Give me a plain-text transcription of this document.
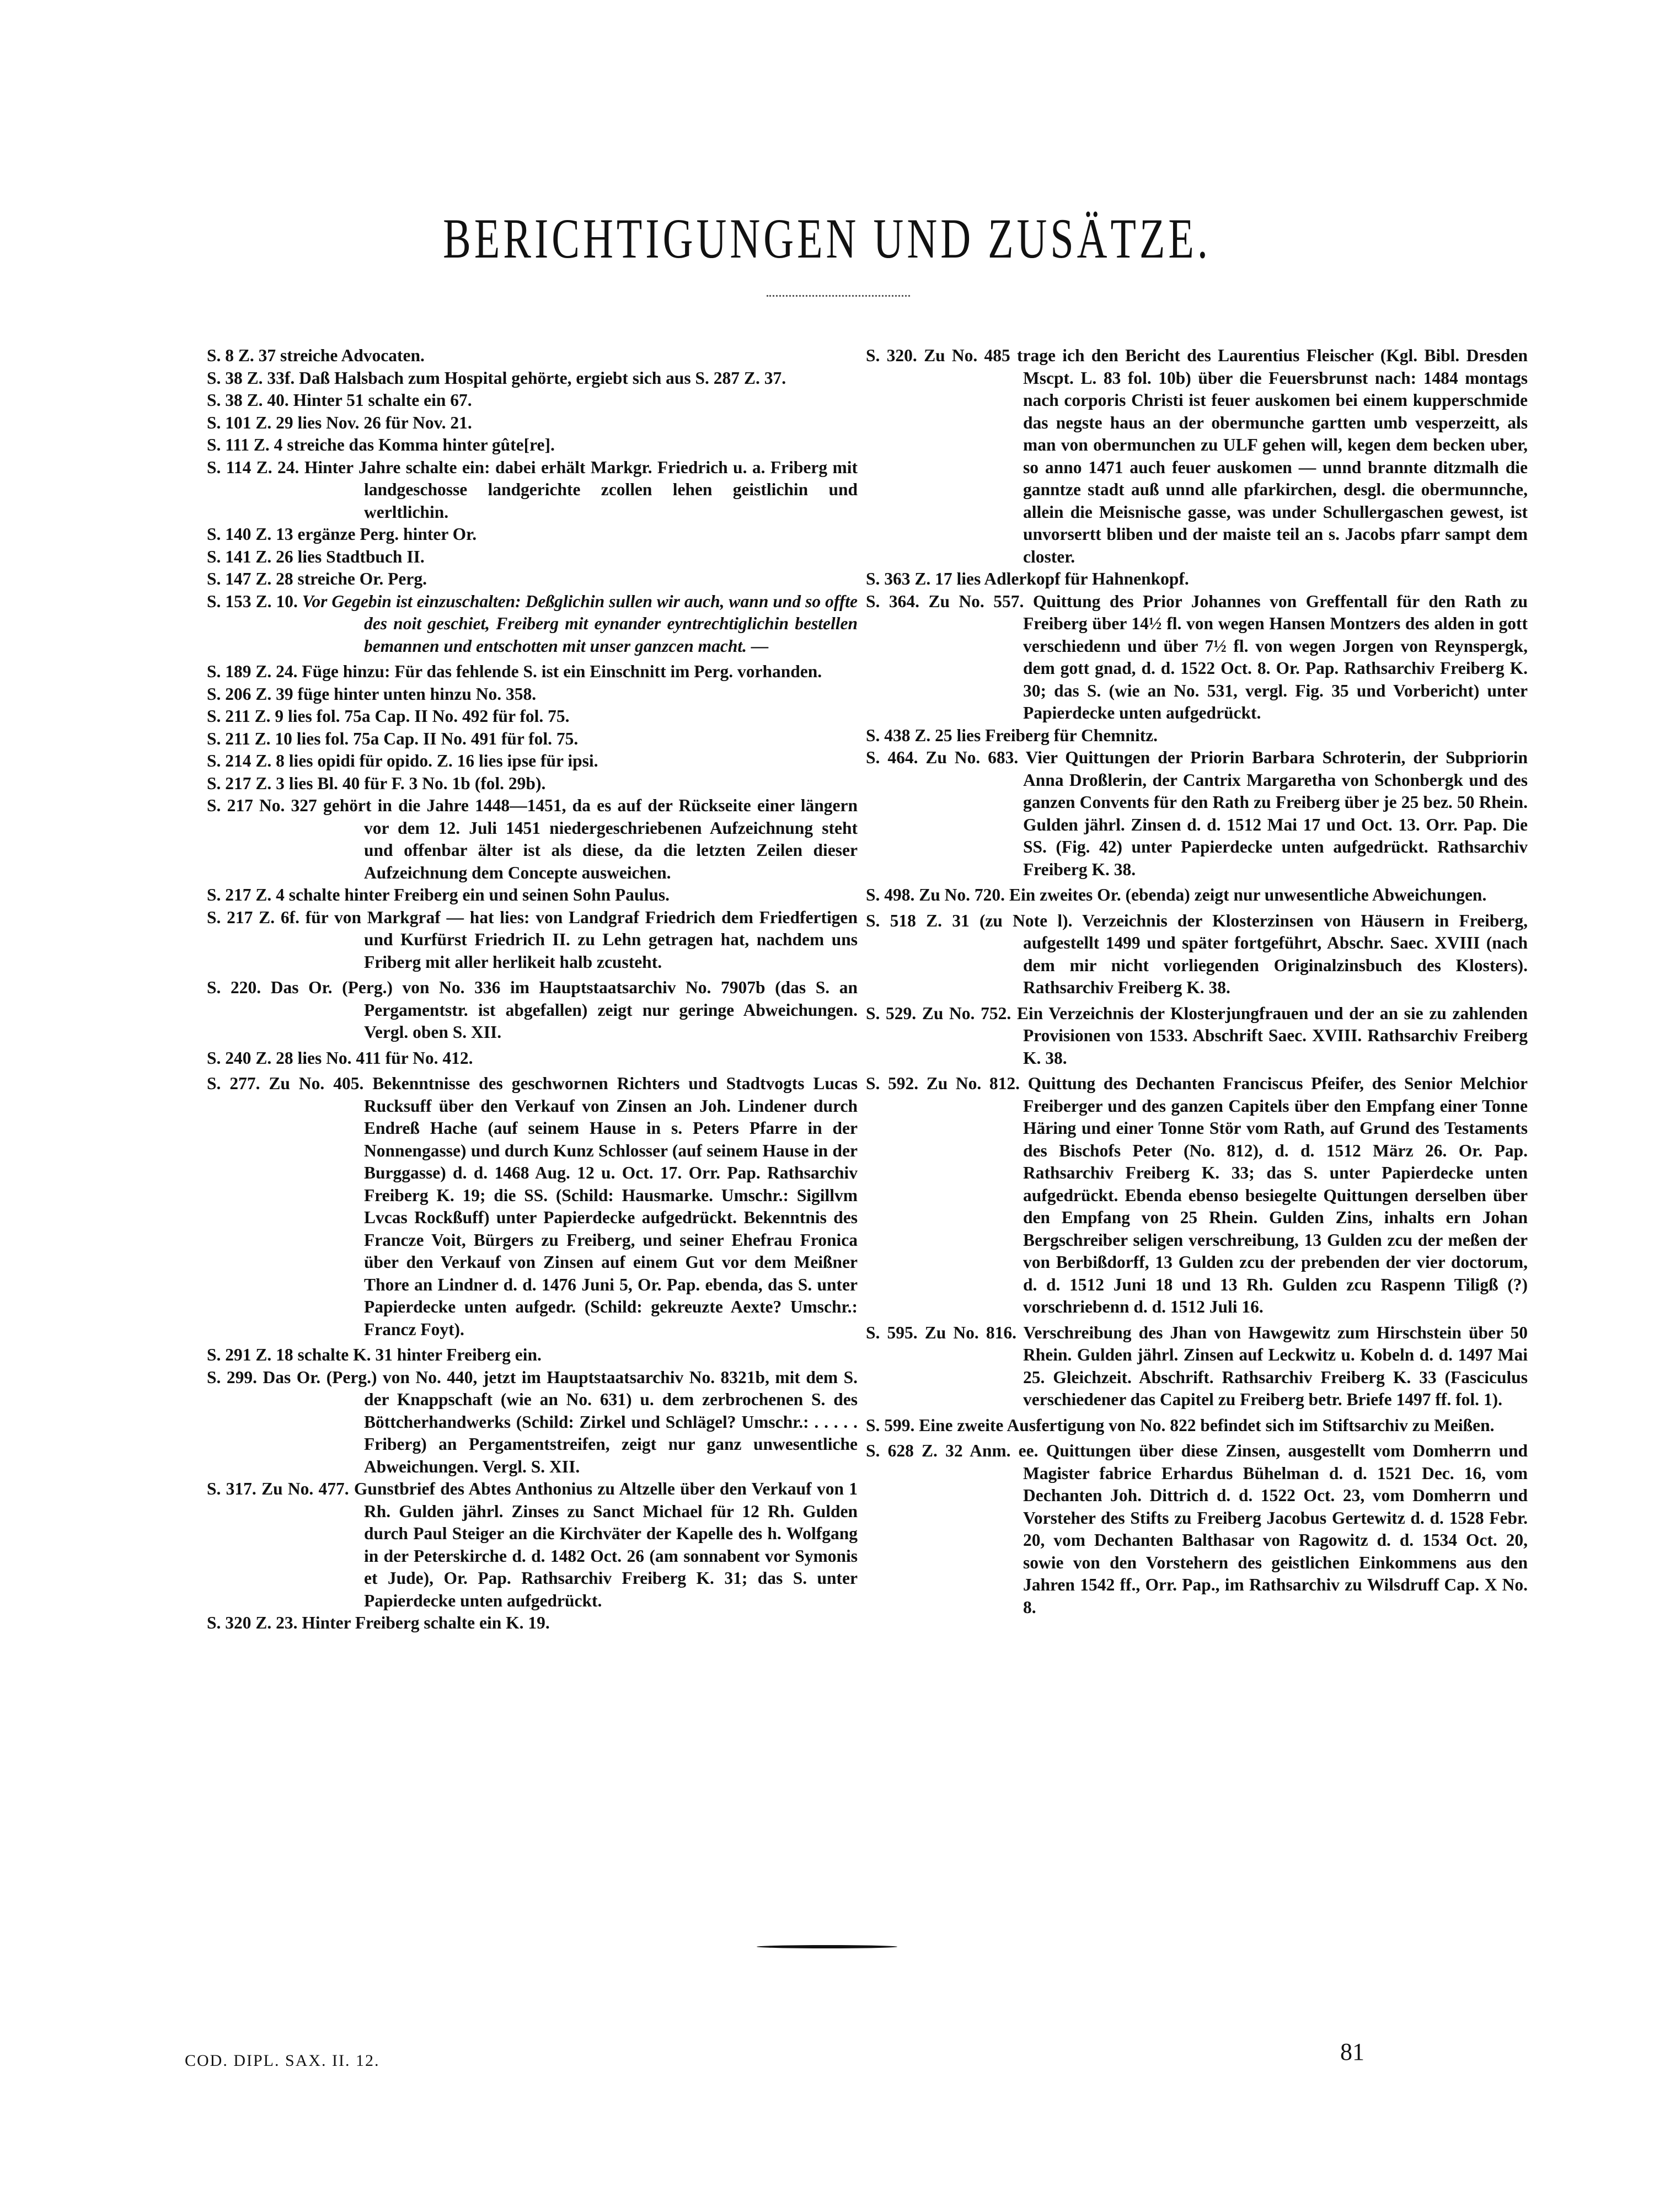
BERICHTIGUNGEN UND ZUSÄTZE.

S. 8 Z. 37 streiche Advocaten.

S. 38 Z. 33f. Daß Halsbach zum Hospital gehörte, ergiebt sich aus S. 287 Z. 37.

S. 38 Z. 40. Hinter 51 schalte ein 67.

S. 101 Z. 29 lies Nov. 26 für Nov. 21.

S. 111 Z. 4 streiche das Komma hinter gûte[re].

S. 114 Z. 24. Hinter Jahre schalte ein: dabei erhält Markgr. Friedrich u. a. Friberg mit landgeschosse landgerichte zcollen lehen geistlichin und werltlichin.

S. 140 Z. 13 ergänze Perg. hinter Or.

S. 141 Z. 26 lies Stadtbuch II.

S. 147 Z. 28 streiche Or. Perg.

S. 153 Z. 10. Vor Gegebin ist einzuschalten: Deßglichin sullen wir auch, wann und so offte des noit geschiet, Freiberg mit eynander eyntrechtiglichin bestellen bemannen und entschotten mit unser ganzcen macht. —

S. 189 Z. 24. Füge hinzu: Für das fehlende S. ist ein Einschnitt im Perg. vorhanden.

S. 206 Z. 39 füge hinter unten hinzu No. 358.

S. 211 Z. 9 lies fol. 75a Cap. II No. 492 für fol. 75.

S. 211 Z. 10 lies fol. 75a Cap. II No. 491 für fol. 75.

S. 214 Z. 8 lies opidi für opido. Z. 16 lies ipse für ipsi.

S. 217 Z. 3 lies Bl. 40 für F. 3 No. 1b (fol. 29b).

S. 217 No. 327 gehört in die Jahre 1448—1451, da es auf der Rückseite einer längern vor dem 12. Juli 1451 niedergeschriebenen Aufzeichnung steht und offenbar älter ist als diese, da die letzten Zeilen dieser Aufzeichnung dem Concepte ausweichen.

S. 217 Z. 4 schalte hinter Freiberg ein und seinen Sohn Paulus.

S. 217 Z. 6f. für von Markgraf — hat lies: von Landgraf Friedrich dem Friedfertigen und Kurfürst Friedrich II. zu Lehn getragen hat, nachdem uns Friberg mit aller herlikeit halb zcusteht.

S. 220. Das Or. (Perg.) von No. 336 im Hauptstaatsarchiv No. 7907b (das S. an Pergamentstr. ist abgefallen) zeigt nur geringe Abweichungen. Vergl. oben S. XII.

S. 240 Z. 28 lies No. 411 für No. 412.

S. 277. Zu No. 405. Bekenntnisse des geschwornen Richters und Stadtvogts Lucas Rucksuff über den Verkauf von Zinsen an Joh. Lindener durch Endreß Hache (auf seinem Hause in s. Peters Pfarre in der Nonnengasse) und durch Kunz Schlosser (auf seinem Hause in der Burggasse) d. d. 1468 Aug. 12 u. Oct. 17. Orr. Pap. Rathsarchiv Freiberg K. 19; die SS. (Schild: Hausmarke. Umschr.: Sigillvm Lvcas Rockßuff) unter Papierdecke aufgedrückt. Bekenntnis des Francze Voit, Bürgers zu Freiberg, und seiner Ehefrau Fronica über den Verkauf von Zinsen auf einem Gut vor dem Meißner Thore an Lindner d. d. 1476 Juni 5, Or. Pap. ebenda, das S. unter Papierdecke unten aufgedr. (Schild: gekreuzte Aexte? Umschr.: Francz Foyt).

S. 291 Z. 18 schalte K. 31 hinter Freiberg ein.

S. 299. Das Or. (Perg.) von No. 440, jetzt im Hauptstaatsarchiv No. 8321b, mit dem S. der Knappschaft (wie an No. 631) u. dem zerbrochenen S. des Böttcherhandwerks (Schild: Zirkel und Schlägel? Umschr.: . . . . . Friberg) an Pergamentstreifen, zeigt nur ganz unwesentliche Abweichungen. Vergl. S. XII.

S. 317. Zu No. 477. Gunstbrief des Abtes Anthonius zu Altzelle über den Verkauf von 1 Rh. Gulden jährl. Zinses zu Sanct Michael für 12 Rh. Gulden durch Paul Steiger an die Kirchväter der Kapelle des h. Wolfgang in der Peterskirche d. d. 1482 Oct. 26 (am sonnabent vor Symonis et Jude), Or. Pap. Rathsarchiv Freiberg K. 31; das S. unter Papierdecke unten aufgedrückt.

S. 320 Z. 23. Hinter Freiberg schalte ein K. 19.

S. 320. Zu No. 485 trage ich den Bericht des Laurentius Fleischer (Kgl. Bibl. Dresden Mscpt. L. 83 fol. 10b) über die Feuersbrunst nach: 1484 montags nach corporis Christi ist feuer auskomen bei einem kupperschmide das negste haus an der obermunche gartten umb vesperzeitt, als man von obermunchen zu ULF gehen will, kegen dem becken uber, so anno 1471 auch feuer auskomen — unnd brannte ditzmalh die ganntze stadt auß unnd alle pfarkirchen, desgl. die obermunnche, allein die Meisnische gasse, was under Schullergaschen gewest, ist unvorsertt bliben und der maiste teil an s. Jacobs pfarr sampt dem closter.

S. 363 Z. 17 lies Adlerkopf für Hahnenkopf.

S. 364. Zu No. 557. Quittung des Prior Johannes von Greffentall für den Rath zu Freiberg über 14½ fl. von wegen Hansen Montzers des alden in gott verschiedenn und über 7½ fl. von wegen Jorgen von Reynspergk, dem gott gnad, d. d. 1522 Oct. 8. Or. Pap. Rathsarchiv Freiberg K. 30; das S. (wie an No. 531, vergl. Fig. 35 und Vorbericht) unter Papierdecke unten aufgedrückt.

S. 438 Z. 25 lies Freiberg für Chemnitz.

S. 464. Zu No. 683. Vier Quittungen der Priorin Barbara Schroterin, der Subpriorin Anna Droßlerin, der Cantrix Margaretha von Schonbergk und des ganzen Convents für den Rath zu Freiberg über je 25 bez. 50 Rhein. Gulden jährl. Zinsen d. d. 1512 Mai 17 und Oct. 13. Orr. Pap. Die SS. (Fig. 42) unter Papierdecke unten aufgedrückt. Rathsarchiv Freiberg K. 38.

S. 498. Zu No. 720. Ein zweites Or. (ebenda) zeigt nur unwesentliche Abweichungen.

S. 518 Z. 31 (zu Note l). Verzeichnis der Klosterzinsen von Häusern in Freiberg, aufgestellt 1499 und später fortgeführt, Abschr. Saec. XVIII (nach dem mir nicht vorliegenden Originalzinsbuch des Klosters). Rathsarchiv Freiberg K. 38.

S. 529. Zu No. 752. Ein Verzeichnis der Klosterjungfrauen und der an sie zu zahlenden Provisionen von 1533. Abschrift Saec. XVIII. Rathsarchiv Freiberg K. 38.

S. 592. Zu No. 812. Quittung des Dechanten Franciscus Pfeifer, des Senior Melchior Freiberger und des ganzen Capitels über den Empfang einer Tonne Häring und einer Tonne Stör vom Rath, auf Grund des Testaments des Bischofs Peter (No. 812), d. d. 1512 März 26. Or. Pap. Rathsarchiv Freiberg K. 33; das S. unter Papierdecke unten aufgedrückt. Ebenda ebenso besiegelte Quittungen derselben über den Empfang von 25 Rhein. Gulden Zins, inhalts ern Johan Bergschreiber seligen verschreibung, 13 Gulden zcu der meßen der von Berbißdorff, 13 Gulden zcu der prebenden der vier doctorum, d. d. 1512 Juni 18 und 13 Rh. Gulden zcu Raspenn Tiligß (?) vorschriebenn d. d. 1512 Juli 16.

S. 595. Zu No. 816. Verschreibung des Jhan von Hawgewitz zum Hirschstein über 50 Rhein. Gulden jährl. Zinsen auf Leckwitz u. Kobeln d. d. 1497 Mai 25. Gleichzeit. Abschrift. Rathsarchiv Freiberg K. 33 (Fasciculus verschiedener das Capitel zu Freiberg betr. Briefe 1497 ff. fol. 1).

S. 599. Eine zweite Ausfertigung von No. 822 befindet sich im Stiftsarchiv zu Meißen.

S. 628 Z. 32 Anm. ee. Quittungen über diese Zinsen, ausgestellt vom Domherrn und Magister fabrice Erhardus Bühelman d. d. 1521 Dec. 16, vom Dechanten Joh. Dittrich d. d. 1522 Oct. 23, vom Domherrn und Vorsteher des Stifts zu Freiberg Jacobus Gertewitz d. d. 1528 Febr. 20, vom Dechanten Balthasar von Ragowitz d. d. 1534 Oct. 20, sowie von den Vorstehern des geistlichen Einkommens aus den Jahren 1542 ff., Orr. Pap., im Rathsarchiv zu Wilsdruff Cap. X No. 8.

COD. DIPL. SAX. II. 12.	81
